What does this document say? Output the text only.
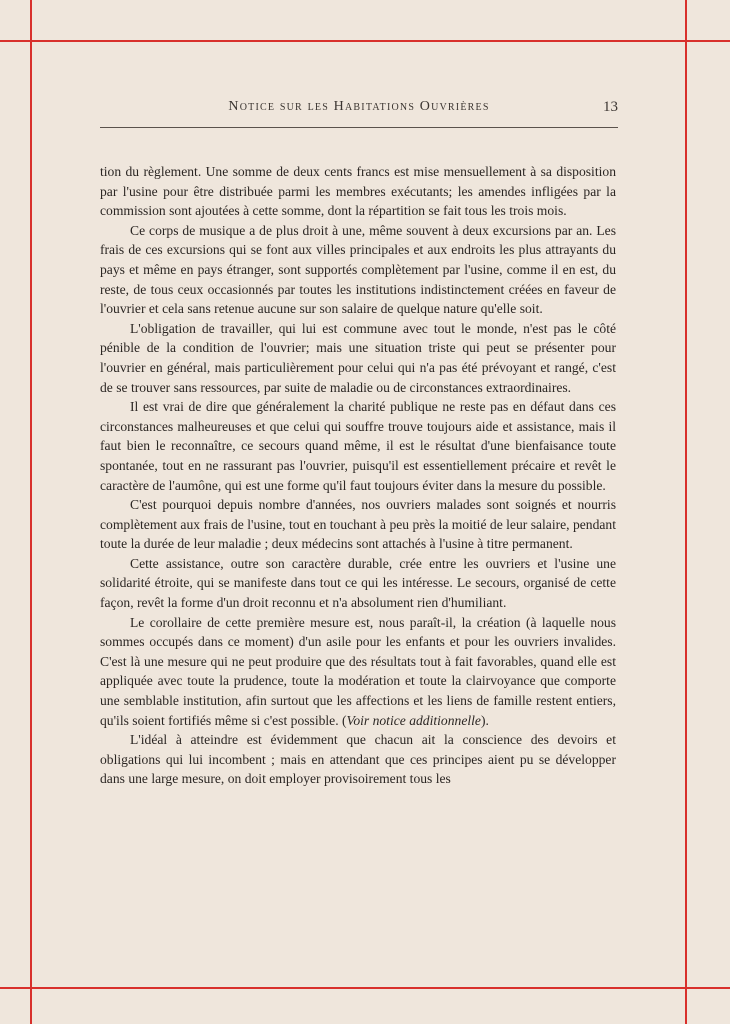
Notice sur les Habitations Ouvrières	13

tion du règlement. Une somme de deux cents francs est mise mensuellement à sa disposition par l'usine pour être distribuée parmi les membres exécutants; les amendes infligées par la commission sont ajoutées à cette somme, dont la répartition se fait tous les trois mois.

Ce corps de musique a de plus droit à une, même souvent à deux excursions par an. Les frais de ces excursions qui se font aux villes principales et aux endroits les plus attrayants du pays et même en pays étranger, sont supportés complètement par l'usine, comme il en est, du reste, de tous ceux occasionnés par toutes les institutions indistinctement créées en faveur de l'ouvrier et cela sans retenue aucune sur son salaire de quelque nature qu'elle soit.

L'obligation de travailler, qui lui est commune avec tout le monde, n'est pas le côté pénible de la condition de l'ouvrier; mais une situation triste qui peut se présenter pour l'ouvrier en général, mais particulièrement pour celui qui n'a pas été prévoyant et rangé, c'est de se trouver sans ressources, par suite de maladie ou de circonstances extraordinaires.

Il est vrai de dire que généralement la charité publique ne reste pas en défaut dans ces circonstances malheureuses et que celui qui souffre trouve toujours aide et assistance, mais il faut bien le reconnaître, ce secours quand même, il est le résultat d'une bienfaisance toute spontanée, tout en ne rassurant pas l'ouvrier, puisqu'il est essentiellement précaire et revêt le caractère de l'aumône, qui est une forme qu'il faut toujours éviter dans la mesure du possible.

C'est pourquoi depuis nombre d'années, nos ouvriers malades sont soignés et nourris complètement aux frais de l'usine, tout en touchant à peu près la moitié de leur salaire, pendant toute la durée de leur maladie ; deux médecins sont attachés à l'usine à titre permanent.

Cette assistance, outre son caractère durable, crée entre les ouvriers et l'usine une solidarité étroite, qui se manifeste dans tout ce qui les intéresse. Le secours, organisé de cette façon, revêt la forme d'un droit reconnu et n'a absolument rien d'humiliant.

Le corollaire de cette première mesure est, nous paraît-il, la création (à laquelle nous sommes occupés dans ce moment) d'un asile pour les enfants et pour les ouvriers invalides. C'est là une mesure qui ne peut produire que des résultats tout à fait favorables, quand elle est appliquée avec toute la prudence, toute la modération et toute la clairvoyance que comporte une semblable institution, afin surtout que les affections et les liens de famille restent entiers, qu'ils soient fortifiés même si c'est possible. (Voir notice additionnelle).

L'idéal à atteindre est évidemment que chacun ait la conscience des devoirs et obligations qui lui incombent ; mais en attendant que ces principes aient pu se développer dans une large mesure, on doit employer provisoirement tous les
